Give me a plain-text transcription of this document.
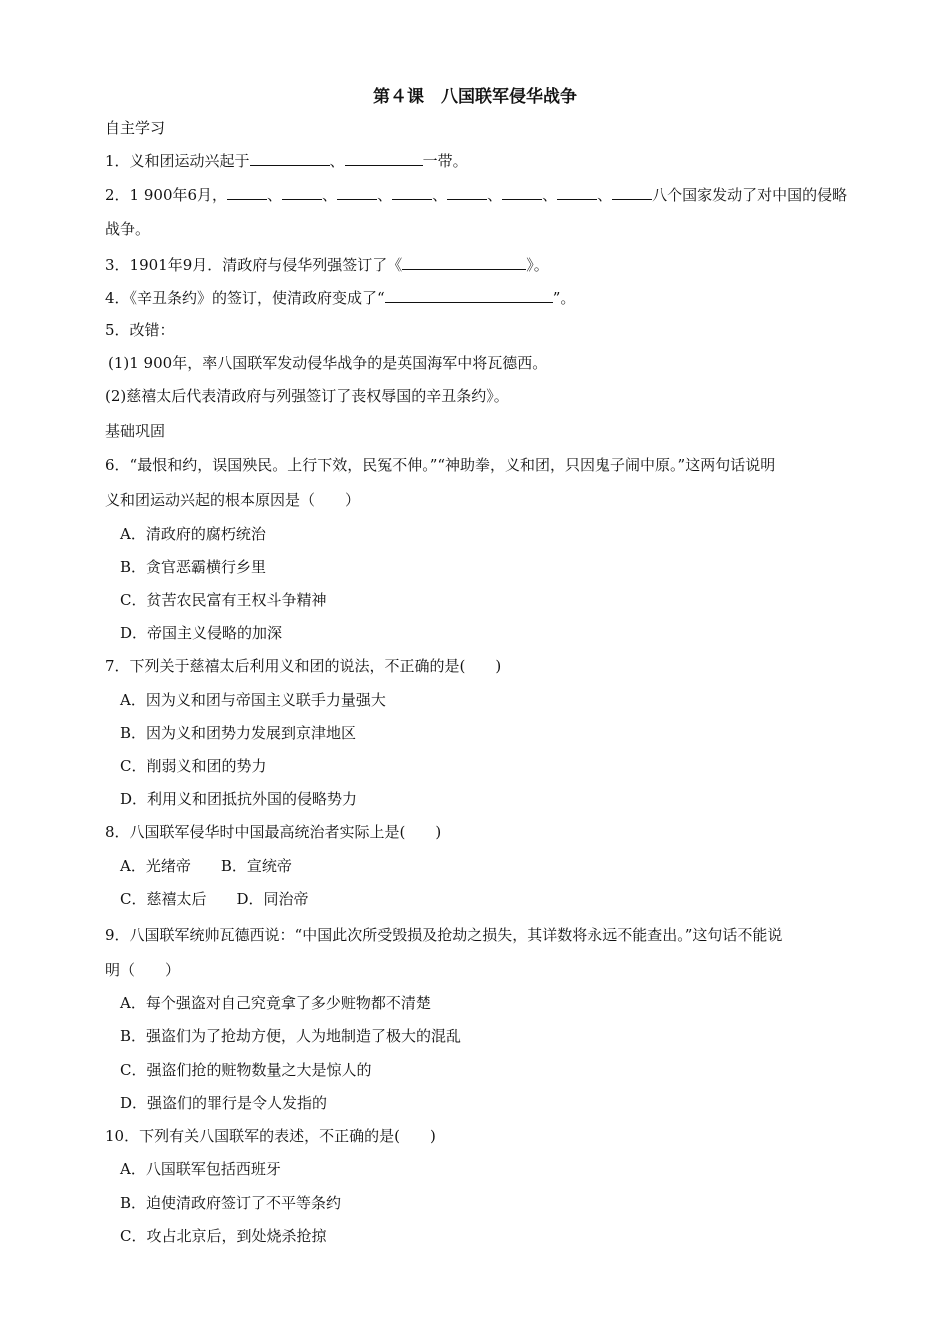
第４课　八国联军侵华战争
自主学习
1．义和团运动兴起于	、	一带。
2．1 900年6月，	、	、	、	、	、	、	、	八个国家发动了对中国的侵略
战争。
3．1901年9月．清政府与侵华列强签订了《	》。
4．《辛丑条约》的签订，使清政府变成了“	”。
5．改错：
(1)1 900年，率八国联军发动侵华战争的是英国海军中将瓦德西。
(2)慈禧太后代表清政府与列强签订了丧权辱国的辛丑条约》。
基础巩固
6．“最恨和约，误国殃民。上行下效，民冤不伸。”“神助拳，义和团，只因鬼子闹中原。”这两句话说明
义和团运动兴起的根本原因是（　　）
A．清政府的腐朽统治
B．贪官恶霸横行乡里
C．贫苦农民富有王权斗争精神
D．帝国主义侵略的加深
7．下列关于慈禧太后利用义和团的说法，不正确的是(　　)
A．因为义和团与帝国主义联手力量强大
B．因为义和团势力发展到京津地区
C．削弱义和团的势力
D．利用义和团抵抗外国的侵略势力
8．八国联军侵华时中国最高统治者实际上是(　　)
A．光绪帝　　B．宣统帝
C．慈禧太后　　D．同治帝
9．八国联军统帅瓦德西说：“中国此次所受毁损及抢劫之损失，其详数将永远不能查出。”这句话不能说
明（　　）
A．每个强盗对自己究竟拿了多少赃物都不清楚
B．强盗们为了抢劫方便，人为地制造了极大的混乱
C．强盗们抢的赃物数量之大是惊人的
D．强盗们的罪行是令人发指的
10．下列有关八国联军的表述，不正确的是(　　)
A．八国联军包括西班牙
B．迫使清政府签订了不平等条约
C．攻占北京后，到处烧杀抢掠
